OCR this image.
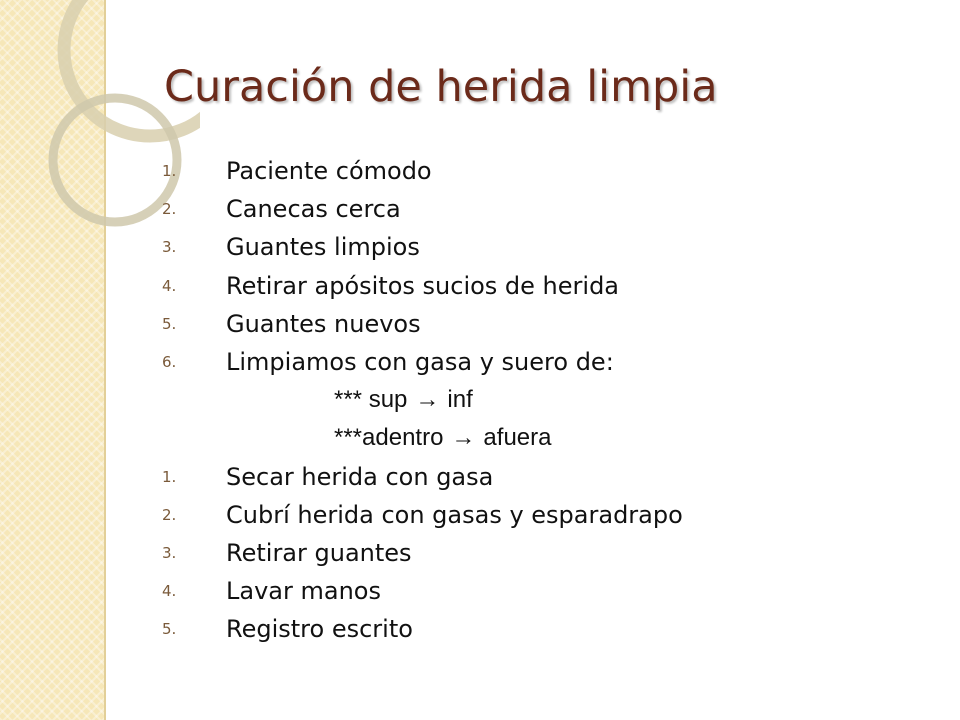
Curación de herida limpia
1.	Paciente cómodo
2.	Canecas cerca
3.	Guantes limpios
4.	Retirar apósitos sucios de herida
5.	Guantes nuevos
6.	Limpiamos con gasa y suero de:
*** sup → inf
***adentro → afuera
1.	Secar herida con gasa
2.	Cubrí herida con gasas y esparadrapo
3.	Retirar guantes
4.	Lavar manos
5.	Registro escrito
